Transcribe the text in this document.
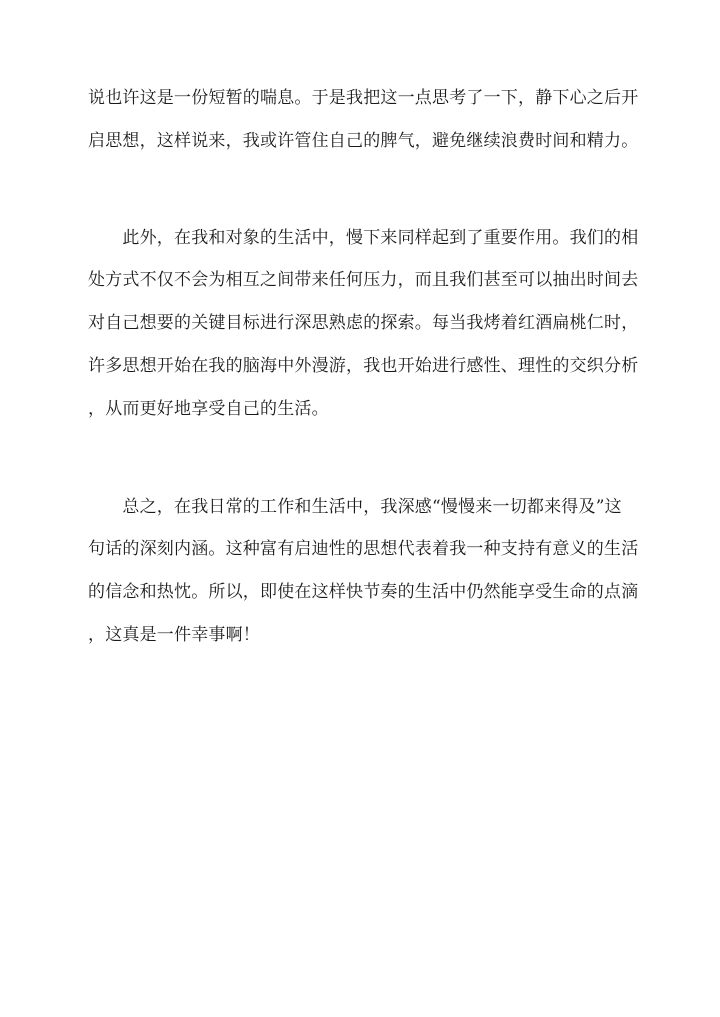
说也许这是一份短暂的喘息。于是我把这一点思考了一下，静下心之后开
启思想，这样说来，我或许管住自己的脾气，避免继续浪费时间和精力。
　　此外，在我和对象的生活中，慢下来同样起到了重要作用。我们的相
处方式不仅不会为相互之间带来任何压力，而且我们甚至可以抽出时间去
对自己想要的关键目标进行深思熟虑的探索。每当我烤着红酒扁桃仁时，
许多思想开始在我的脑海中外漫游，我也开始进行感性、理性的交织分析
，从而更好地享受自己的生活。
　　总之，在我日常的工作和生活中，我深感“慢慢来一切都来得及”这
句话的深刻内涵。这种富有启迪性的思想代表着我一种支持有意义的生活
的信念和热忱。所以，即使在这样快节奏的生活中仍然能享受生命的点滴
，这真是一件幸事啊！
